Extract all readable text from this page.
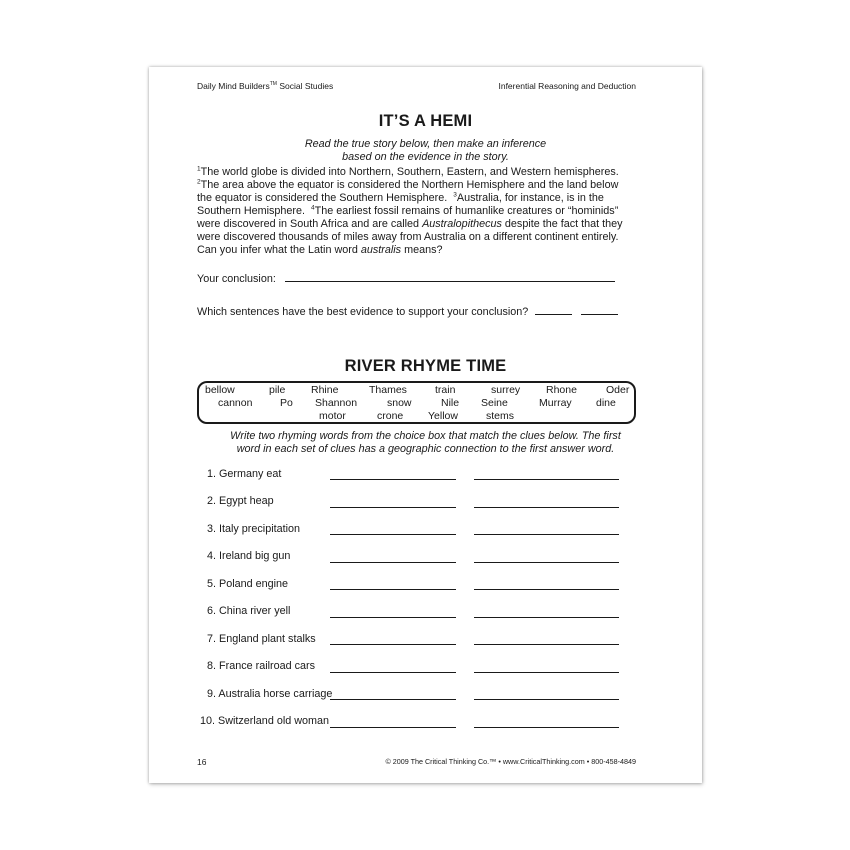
Daily Mind Builders™ Social Studies	Inferential Reasoning and Deduction
IT’S A HEMI
Read the true story below, then make an inference
based on the evidence in the story.
$^1$The world globe is divided into Northern, Southern, Eastern, and Western hemispheres.
$^2$The area above the equator is considered the Northern Hemisphere and the land below
the equator is considered the Southern Hemisphere.  $^3$Australia, for instance, is in the
Southern Hemisphere.  $^4$The earliest fossil remains of humanlike creatures or “hominids”
were discovered in South Africa and are called Australopithecus despite the fact that they
were discovered thousands of miles away from Australia on a different continent entirely.
Can you infer what the Latin word australis means?
Your conclusion:
Which sentences have the best evidence to support your conclusion?
RIVER RHYME TIME
bellow	pile Rhine	Thames	train	surrey Rhone	Oder
cannon	Po Shannon	snow	Nile Seine	Murray dine
motor	crone Yellow	stems
Write two rhyming words from the choice box that match the clues below. The first
word in each set of clues has a geographic connection to the first answer word.
1. Germany eat
2. Egypt heap
3. Italy precipitation
4. Ireland big gun
5. Poland engine
6. China river yell
7. England plant stalks
8. France railroad cars
9. Australia horse carriage
10. Switzerland old woman
16	© 2009 The Critical Thinking Co.™ • www.CriticalThinking.com • 800-458-4849
